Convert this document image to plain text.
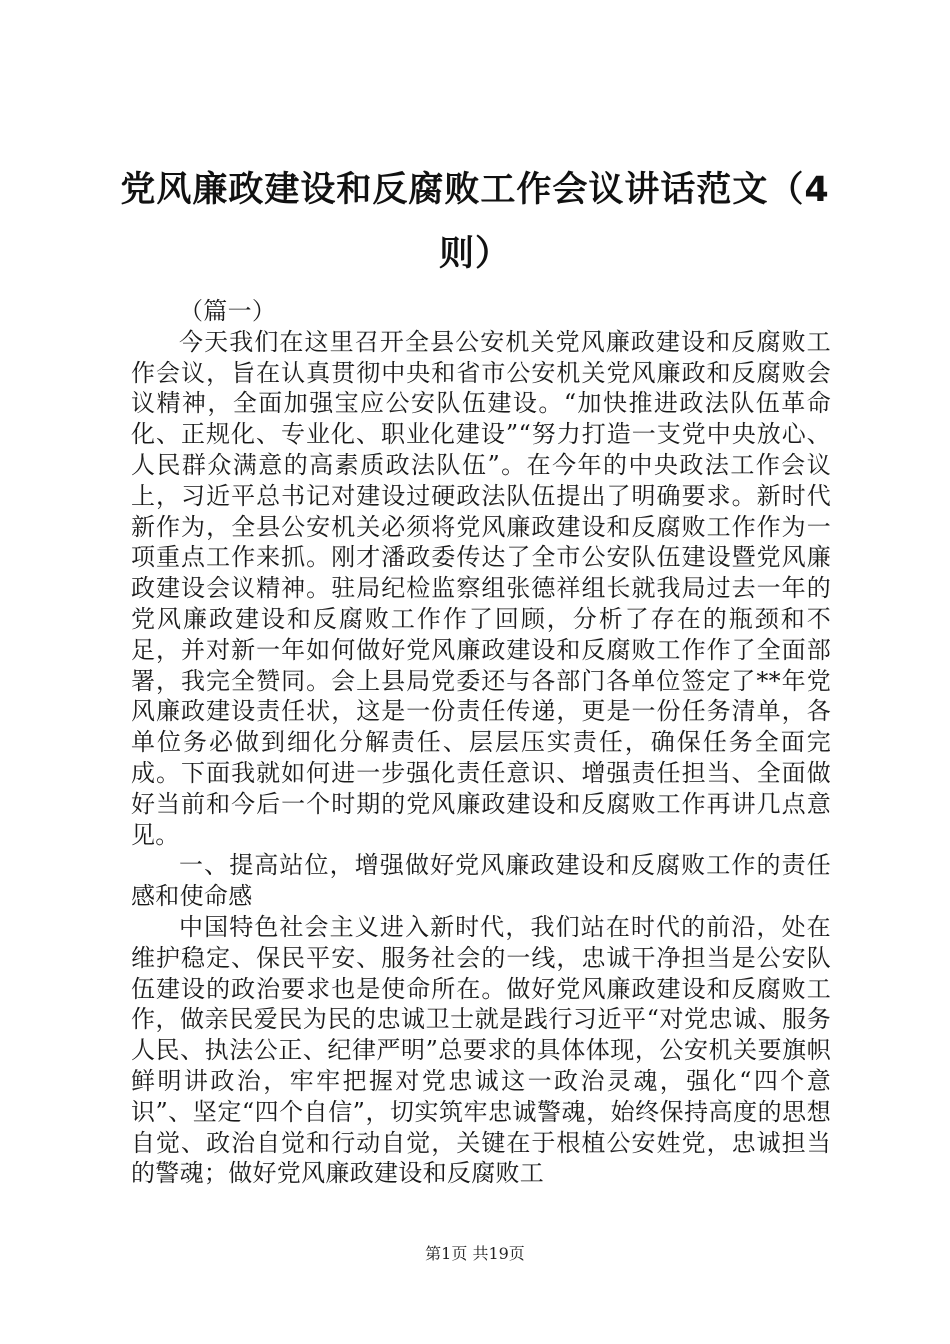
党风廉政建设和反腐败工作会议讲话范文（4则）

（篇一）

今天我们在这里召开全县公安机关党风廉政建设和反腐败工作会议，旨在认真贯彻中央和省市公安机关党风廉政和反腐败会议精神，全面加强宝应公安队伍建设。“加快推进政法队伍革命化、正规化、专业化、职业化建设”“努力打造一支党中央放心、人民群众满意的高素质政法队伍”。在今年的中央政法工作会议上，习近平总书记对建设过硬政法队伍提出了明确要求。新时代新作为，全县公安机关必须将党风廉政建设和反腐败工作作为一项重点工作来抓。刚才潘政委传达了全市公安队伍建设暨党风廉政建设会议精神。驻局纪检监察组张德祥组长就我局过去一年的党风廉政建设和反腐败工作作了回顾，分析了存在的瓶颈和不足，并对新一年如何做好党风廉政建设和反腐败工作作了全面部署，我完全赞同。会上县局党委还与各部门各单位签定了**年党风廉政建设责任状，这是一份责任传递，更是一份任务清单，各单位务必做到细化分解责任、层层压实责任，确保任务全面完成。下面我就如何进一步强化责任意识、增强责任担当、全面做好当前和今后一个时期的党风廉政建设和反腐败工作再讲几点意见。

一、提高站位，增强做好党风廉政建设和反腐败工作的责任感和使命感

中国特色社会主义进入新时代，我们站在时代的前沿，处在维护稳定、保民平安、服务社会的一线，忠诚干净担当是公安队伍建设的政治要求也是使命所在。做好党风廉政建设和反腐败工作，做亲民爱民为民的忠诚卫士就是践行习近平“对党忠诚、服务人民、执法公正、纪律严明”总要求的具体体现，公安机关要旗帜鲜明讲政治，牢牢把握对党忠诚这一政治灵魂，强化“四个意识”、坚定“四个自信”，切实筑牢忠诚警魂，始终保持高度的思想自觉、政治自觉和行动自觉，关键在于根植公安姓党，忠诚担当的警魂；做好党风廉政建设和反腐败工

第1页 共19页
